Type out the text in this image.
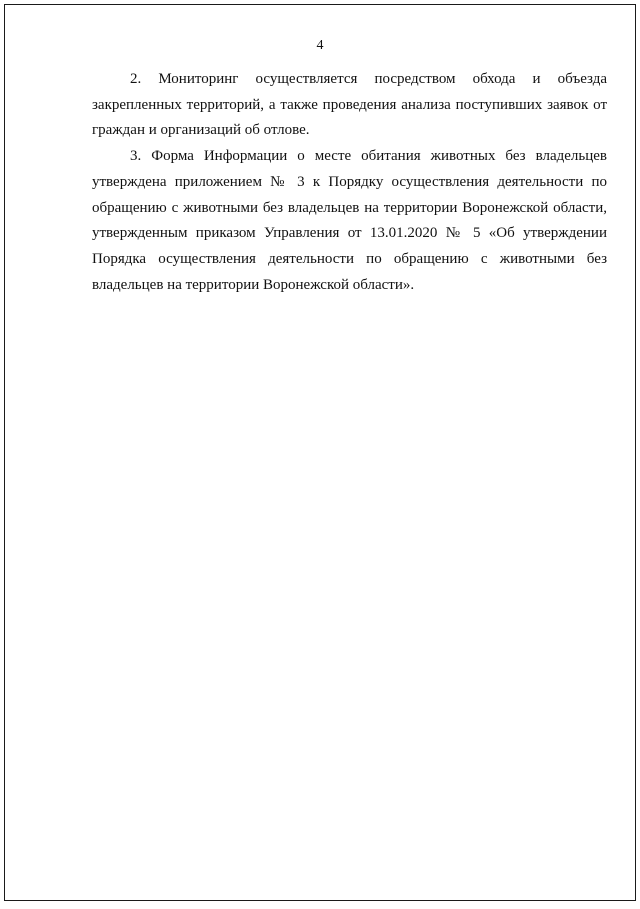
4

2. Мониторинг осуществляется посредством обхода и объезда
закрепленных территорий, а также проведения анализа поступивших заявок от
граждан и организаций об отлове.

3. Форма Информации о месте обитания животных без владельцев
утверждена приложением № 3 к Порядку осуществления деятельности по
обращению с животными без владельцев на территории Воронежской области,
утвержденным приказом Управления от 13.01.2020 № 5 «Об утверждении
Порядка осуществления деятельности по обращению с животными без
владельцев на территории Воронежской области».
